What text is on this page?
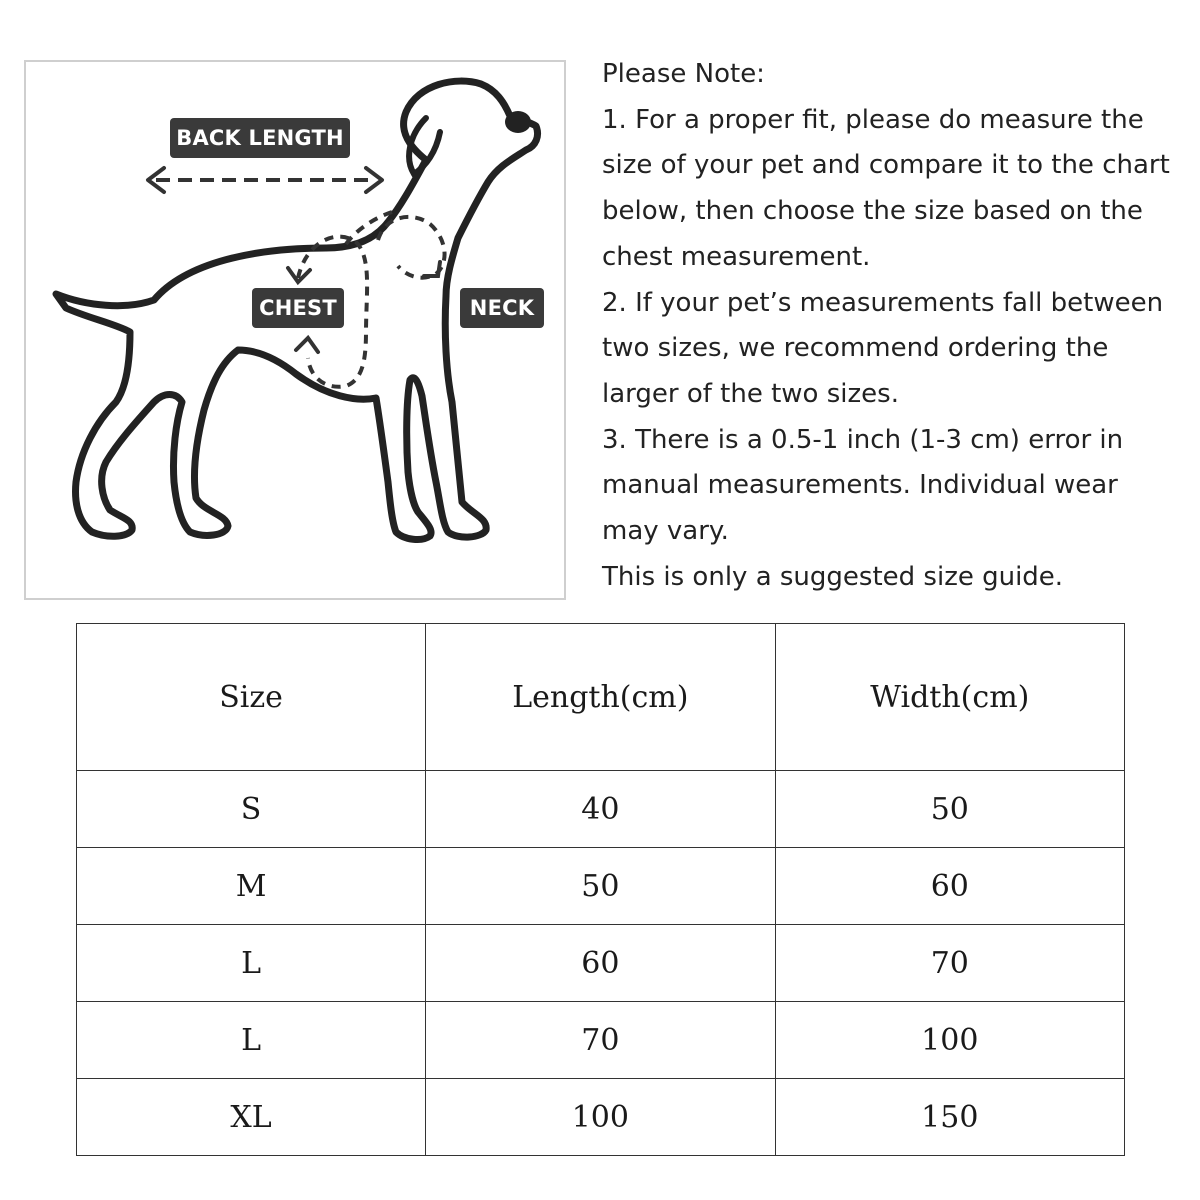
BACK LENGTH
CHEST	NECK
Please Note:
1. For a proper fit, please do measure the
size of your pet and compare it to the chart
below, then choose the size based on the
chest measurement.
2. If your pet’s measurements fall between
two sizes, we recommend ordering the
larger of the two sizes.
3. There is a 0.5-1 inch (1-3 cm) error in
manual measurements. Individual wear
may vary.
This is only a suggested size guide.
Size	Length(cm)	Width(cm)
S	40	50
M	50	60
L	60	70
L	70	100
XL	100	150
